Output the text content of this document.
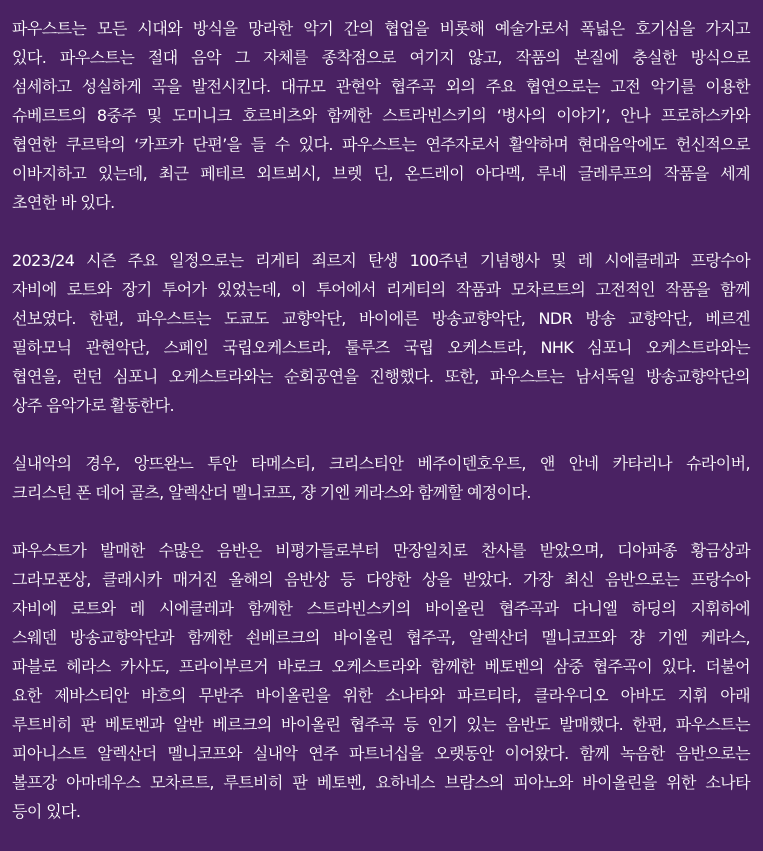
파우스트는 모든 시대와 방식을 망라한 악기 간의 협업을 비롯해 예술가로서 폭넓은 호기심을 가지고
있다. 파우스트는 절대 음악 그 자체를 종착점으로 여기지 않고, 작품의 본질에 충실한 방식으로
섬세하고 성실하게 곡을 발전시킨다. 대규모 관현악 협주곡 외의 주요 협연으로는 고전 악기를 이용한
슈베르트의 8중주 및 도미니크 호르비츠와 함께한 스트라빈스키의 ‘병사의 이야기’, 안나 프로하스카와
협연한 쿠르탁의 ‘카프카 단편’을 들 수 있다. 파우스트는 연주자로서 활약하며 현대음악에도 헌신적으로
이바지하고 있는데, 최근 페테르 외트뵈시, 브렛 딘, 온드레이 아다멕, 루네 글레루프의 작품을 세계
초연한 바 있다.

2023/24 시즌 주요 일정으로는 리게티 죄르지 탄생 100주년 기념행사 및 레 시에클레과 프랑수아
자비에 로트와 장기 투어가 있었는데, 이 투어에서 리게티의 작품과 모차르트의 고전적인 작품을 함께
선보였다. 한편, 파우스트는 도쿄도 교향악단, 바이에른 방송교향악단, NDR 방송 교향악단, 베르겐
필하모닉 관현악단, 스페인 국립오케스트라, 툴루즈 국립 오케스트라, NHK 심포니 오케스트라와는
협연을, 런던 심포니 오케스트라와는 순회공연을 진행했다. 또한, 파우스트는 남서독일 방송교향악단의
상주 음악가로 활동한다.

실내악의 경우, 앙뜨완느 투안 타메스티, 크리스티안 베주이덴호우트, 앤 안네 카타리나 슈라이버,
크리스틴 폰 데어 골츠, 알렉산더 멜니코프, 쟝 기엔 케라스와 함께할 예정이다.

파우스트가 발매한 수많은 음반은 비평가들로부터 만장일치로 찬사를 받았으며, 디아파종 황금상과
그라모폰상, 클래시카 매거진 올해의 음반상 등 다양한 상을 받았다. 가장 최신 음반으로는 프랑수아
자비에 로트와 레 시에클레과 함께한 스트라빈스키의 바이올린 협주곡과 다니엘 하딩의 지휘하에
스웨덴 방송교향악단과 함께한 쇤베르크의 바이올린 협주곡, 알렉산더 멜니코프와 쟝 기엔 케라스,
파블로 헤라스 카사도, 프라이부르거 바로크 오케스트라와 함께한 베토벤의 삼중 협주곡이 있다. 더불어
요한 제바스티안 바흐의 무반주 바이올린을 위한 소나타와 파르티타, 클라우디오 아바도 지휘 아래
루트비히 판 베토벤과 알반 베르크의 바이올린 협주곡 등 인기 있는 음반도 발매했다. 한편, 파우스트는
피아니스트 알렉산더 멜니코프와 실내악 연주 파트너십을 오랫동안 이어왔다. 함께 녹음한 음반으로는
볼프강 아마데우스 모차르트, 루트비히 판 베토벤, 요하네스 브람스의 피아노와 바이올린을 위한 소나타
등이 있다.
